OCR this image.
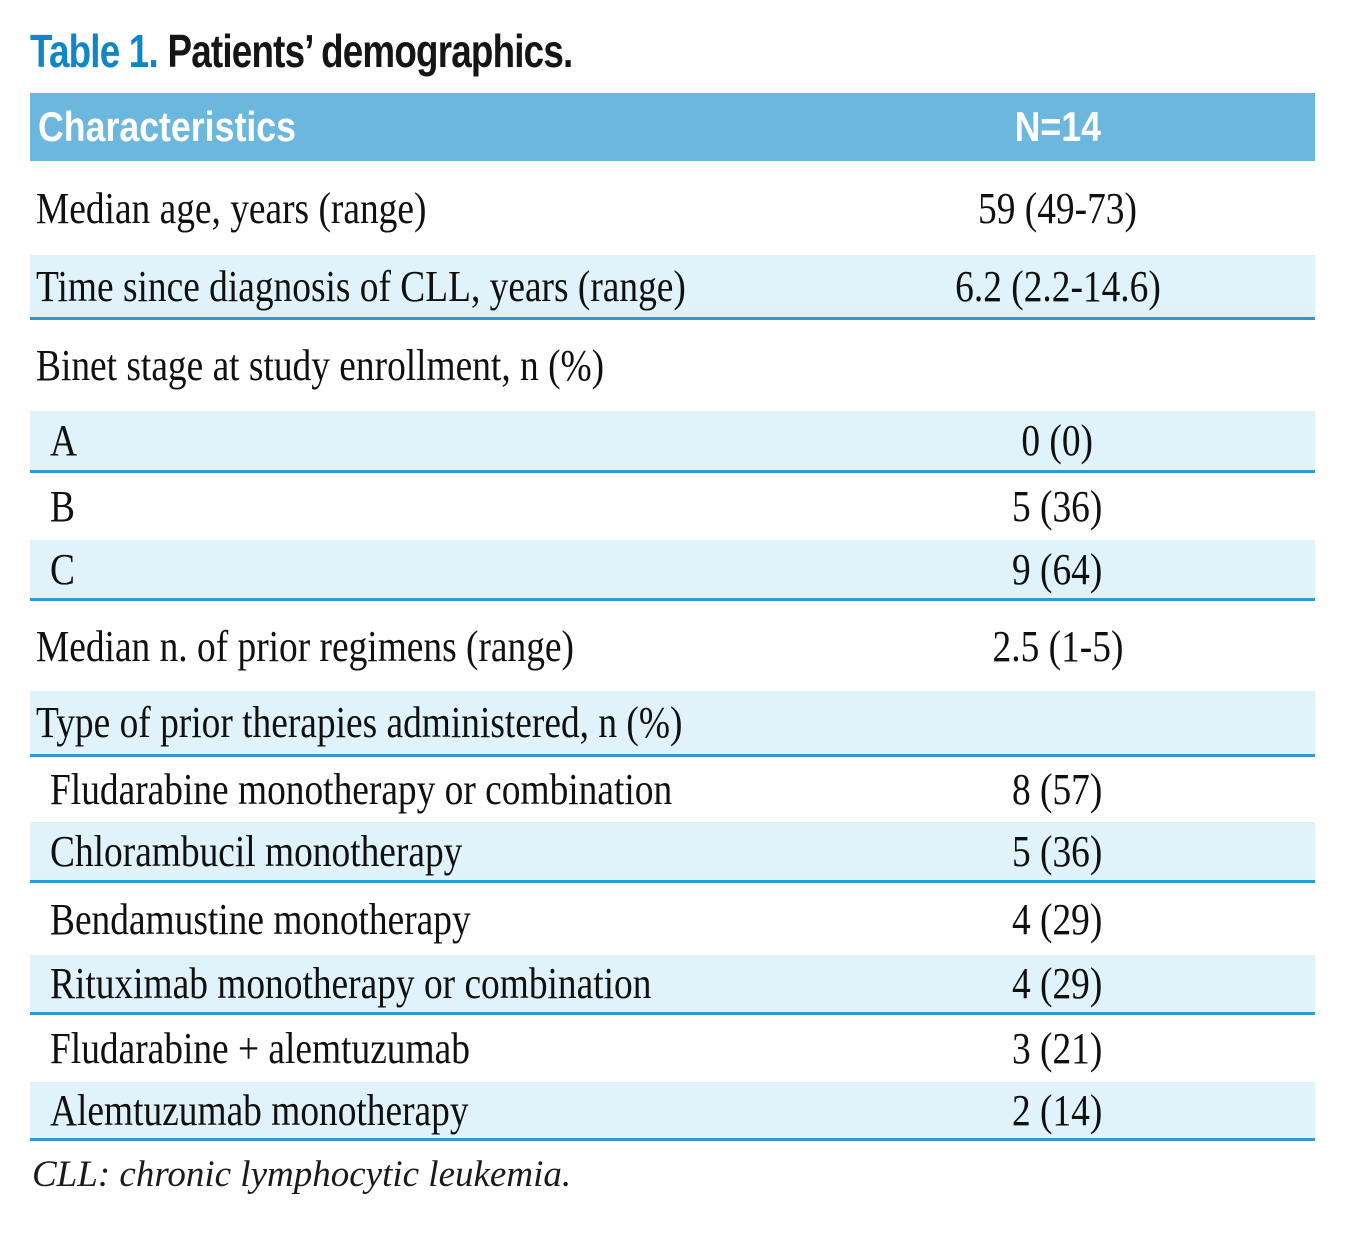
Table 1. Patients’ demographics.
Characteristics	N=14
Median age, years (range)	59 (49-73)
Time since diagnosis of CLL, years (range)	6.2 (2.2-14.6)
Binet stage at study enrollment, n (%)
A	0 (0)
B	5 (36)
C	9 (64)
Median n. of prior regimens (range)	2.5 (1-5)
Type of prior therapies administered, n (%)
Fludarabine monotherapy or combination	8 (57)
Chlorambucil monotherapy	5 (36)
Bendamustine monotherapy	4 (29)
Rituximab monotherapy or combination	4 (29)
Fludarabine + alemtuzumab	3 (21)
Alemtuzumab monotherapy	2 (14)
CLL: chronic lymphocytic leukemia.
